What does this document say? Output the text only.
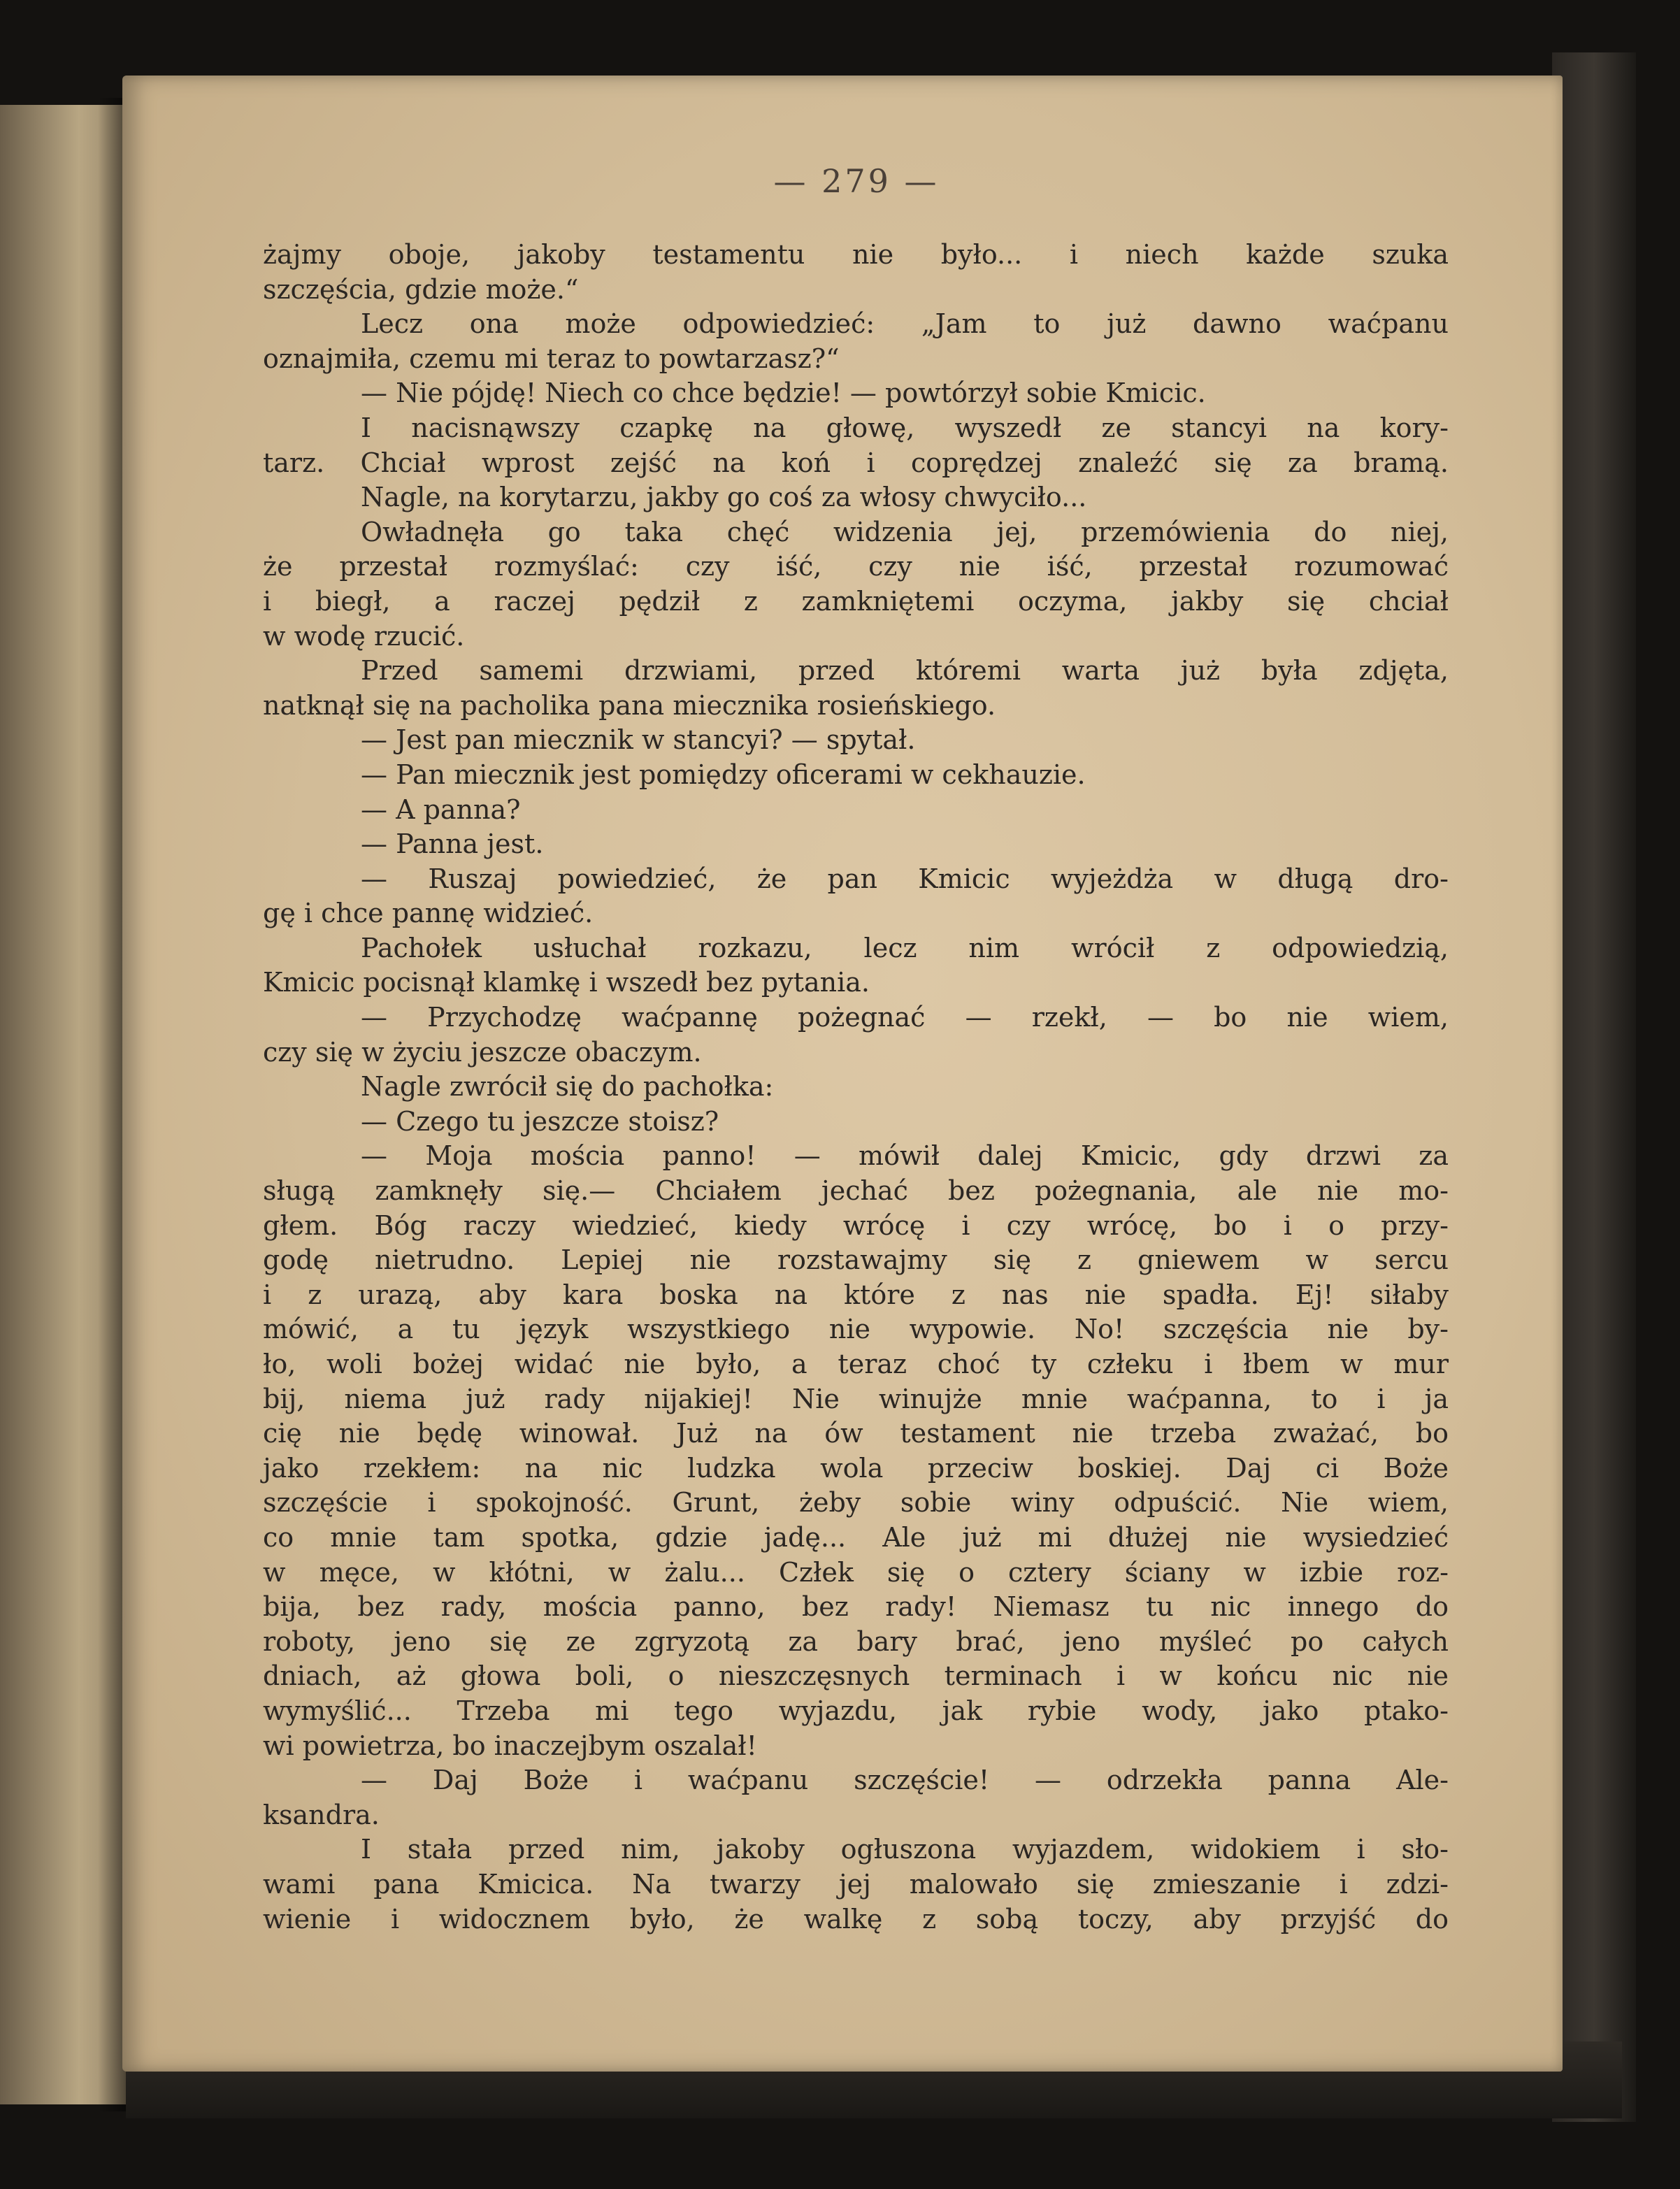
— 279 —
żajmy oboje, jakoby testamentu nie było... i niech każde szuka
szczęścia, gdzie może.“
Lecz ona może odpowiedzieć: „Jam to już dawno waćpanu
oznajmiła, czemu mi teraz to powtarzasz?“
— Nie pójdę! Niech co chce będzie! — powtórzył sobie Kmicic.
I nacisnąwszy czapkę na głowę, wyszedł ze stancyi na kory-
tarz. Chciał wprost zejść na koń i coprędzej znaleźć się za bramą.
Nagle, na korytarzu, jakby go coś za włosy chwyciło...
Owładnęła go taka chęć widzenia jej, przemówienia do niej,
że przestał rozmyślać: czy iść, czy nie iść, przestał rozumować
i biegł, a raczej pędził z zamkniętemi oczyma, jakby się chciał
w wodę rzucić.
Przed samemi drzwiami, przed któremi warta już była zdjęta,
natknął się na pacholika pana miecznika rosieńskiego.
— Jest pan miecznik w stancyi? — spytał.
— Pan miecznik jest pomiędzy oficerami w cekhauzie.
— A panna?
— Panna jest.
— Ruszaj powiedzieć, że pan Kmicic wyjeżdża w długą dro-
gę i chce pannę widzieć.
Pachołek usłuchał rozkazu, lecz nim wrócił z odpowiedzią,
Kmicic pocisnął klamkę i wszedł bez pytania.
— Przychodzę waćpannę pożegnać — rzekł, — bo nie wiem,
czy się w życiu jeszcze obaczym.
Nagle zwrócił się do pachołka:
— Czego tu jeszcze stoisz?
— Moja mościa panno! — mówił dalej Kmicic, gdy drzwi za
sługą zamknęły się.— Chciałem jechać bez pożegnania, ale nie mo-
głem. Bóg raczy wiedzieć, kiedy wrócę i czy wrócę, bo i o przy-
godę nietrudno. Lepiej nie rozstawajmy się z gniewem w sercu
i z urazą, aby kara boska na które z nas nie spadła. Ej! siłaby
mówić, a tu język wszystkiego nie wypowie. No! szczęścia nie by-
ło, woli bożej widać nie było, a teraz choć ty człeku i łbem w mur
bij, niema już rady nijakiej! Nie winujże mnie waćpanna, to i ja
cię nie będę winował. Już na ów testament nie trzeba zważać, bo
jako rzekłem: na nic ludzka wola przeciw boskiej. Daj ci Boże
szczęście i spokojność. Grunt, żeby sobie winy odpuścić. Nie wiem,
co mnie tam spotka, gdzie jadę... Ale już mi dłużej nie wysiedzieć
w męce, w kłótni, w żalu... Człek się o cztery ściany w izbie roz-
bija, bez rady, mościa panno, bez rady! Niemasz tu nic innego do
roboty, jeno się ze zgryzotą za bary brać, jeno myśleć po całych
dniach, aż głowa boli, o nieszczęsnych terminach i w końcu nic nie
wymyślić... Trzeba mi tego wyjazdu, jak rybie wody, jako ptako-
wi powietrza, bo inaczejbym oszalał!
— Daj Boże i waćpanu szczęście! — odrzekła panna Ale-
ksandra.
I stała przed nim, jakoby ogłuszona wyjazdem, widokiem i sło-
wami pana Kmicica. Na twarzy jej malowało się zmieszanie i zdzi-
wienie i widocznem było, że walkę z sobą toczy, aby przyjść do
